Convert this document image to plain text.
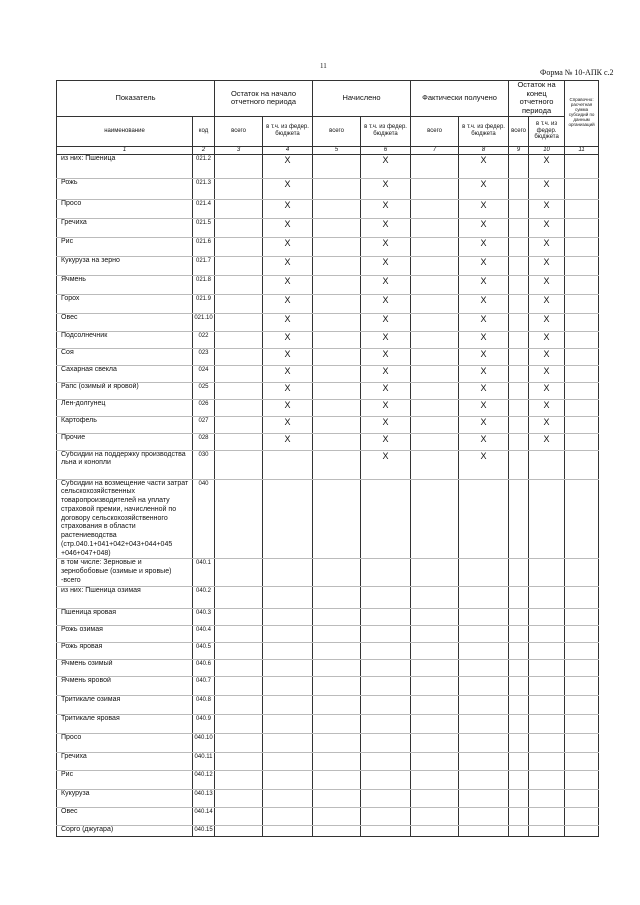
11
Форма № 10-АПК с.2
Показатель		Остаток на начало отчетного периода		Начислено		Фактически получено		Остаток на конец отчетного периода		Справочно: расчетная сумма субсидий по данным организаций
наименование	код	всего	в т.ч. из федер. бюджета	всего	в т.ч. из федер. бюджета	всего	в т.ч. из федер. бюджета	всего	в т.ч. из федер. бюджета	
1	2	3	4	5	6	7	8	9	10	11
из них: Пшеница	021.2		X		X		X		X	
Рожь	021.3		X		X		X		X	
Просо	021.4		X		X		X		X	
Гречиха	021.5		X		X		X		X	
Рис	021.6		X		X		X		X	
Кукуруза на зерно	021.7		X		X		X		X	
Ячмень	021.8		X		X		X		X	
Горох	021.9		X		X		X		X	
Овес	021.10		X		X		X		X	
Подсолнечник	022		X		X		X		X	
Соя	023		X		X		X		X	
Сахарная свекла	024		X		X		X		X	
Рапс (озимый и яровой)	025		X		X		X		X	
Лен-долгунец	026		X		X		X		X	
Картофель	027		X		X		X		X	
Прочие	028		X		X		X		X	
Субсидии на поддержку производства льна и конопли	030				X		X			
Субсидии на возмещение части затрат сельскохозяйственных товаропроизводителей на уплату страховой премии, начисленной по договору сельскохозяйственного страхования в области растениеводства (стр.040.1+041+042+043+044+045 +046+047+048)	040									
в том числе: Зерновые и зернобобовые (озимые и яровые) -всего	040.1									
из них: Пшеница озимая	040.2									
Пшеница яровая	040.3									
Рожь озимая	040.4									
Рожь яровая	040.5									
Ячмень озимый	040.6									
Ячмень яровой	040.7									
Тритикале озимая	040.8									
Тритикале яровая	040.9									
Просо	040.10									
Гречиха	040.11									
Рис	040.12									
Кукуруза	040.13									
Овес	040.14									
Сорго (джугара)	040.15									
